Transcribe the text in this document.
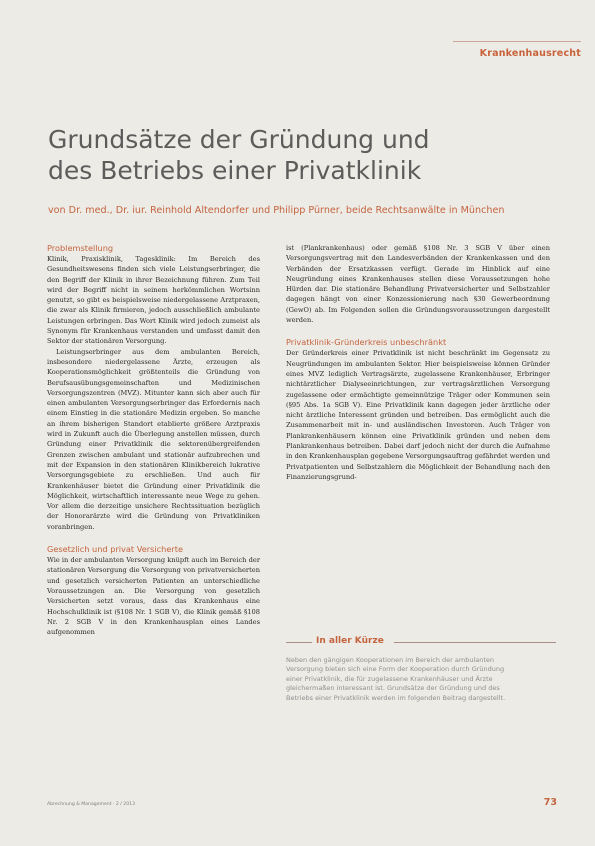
Krankenhausrecht
Grundsätze der Gründung und
des Betriebs einer Privatklinik

von Dr. med., Dr. iur. Reinhold Altendorfer und Philipp Pürner, beide Rechtsanwälte in München

Problemstellung

Klinik, Praxisklinik, Tagesklinik: Im Bereich des Gesundheitswesens finden sich viele Leistungserbringer, die den Begriff der Klinik in ihrer Bezeichnung führen. Zum Teil wird der Begriff nicht in seinem herkömmlichen Wortsinn genutzt, so gibt es beispielsweise niedergelassene Arztpraxen, die zwar als Klinik firmieren, jedoch ausschließlich ambulante Leistungen erbringen. Das Wort Klinik wird jedoch zumeist als Synonym für Krankenhaus verstanden und umfasst damit den Sektor der stationären Versorgung.

Leistungserbringer aus dem ambulanten Bereich, insbesondere niedergelassene Ärzte, erzeugen als Kooperationsmöglichkeit größtenteils die Gründung von Berufsausübungsgemeinschaften und Medizinischen Versorgungszentren (MVZ). Mitunter kann sich aber auch für einen ambulanten Versorgungserbringer das Erfordernis nach einem Einstieg in die stationäre Medizin ergeben. So manche an ihrem bisherigen Standort etablierte größere Arztpraxis wird in Zukunft auch die Überlegung anstellen müssen, durch Gründung einer Privatklinik die sektorenübergreifenden Grenzen zwischen ambulant und stationär aufzubrechen und mit der Expansion in den stationären Klinikbereich lukrative Versorgungsgebiete zu erschließen. Und auch für Krankenhäuser bietet die Gründung einer Privatklinik die Möglichkeit, wirtschaftlich interessante neue Wege zu gehen. Vor allem die derzeitige unsichere Rechtssituation bezüglich der Honorarärzte wird die Gründung von Privatkliniken voranbringen.

Gesetzlich und privat Versicherte

Wie in der ambulanten Versorgung knüpft auch im Bereich der stationären Versorgung die Versorgung von privatversicherten und gesetzlich versicherten Patienten an unterschiedliche Voraussetzungen an. Die Versorgung von gesetzlich Versicherten setzt voraus, dass das Krankenhaus eine Hochschulklinik ist (§108 Nr. 1 SGB V), die Klinik gemäß §108 Nr. 2 SGB V in den Krankenhausplan eines Landes aufgenommen

ist (Plankrankenhaus) oder gemäß §108 Nr. 3 SGB V über einen Versorgungsvertrag mit den Landesverbänden der Krankenkassen und den Verbänden der Ersatzkassen verfügt. Gerade im Hinblick auf eine Neugründung eines Krankenhauses stellen diese Voraussetzungen hohe Hürden dar. Die stationäre Behandlung Privatversicherter und Selbstzahler dagegen hängt von einer Konzessionierung nach §30 Gewerbeordnung (GewO) ab. Im Folgenden sollen die Gründungsvoraussetzungen dargestellt werden.

Privatklinik-Gründerkreis unbeschränkt

Der Gründerkreis einer Privatklinik ist nicht beschränkt im Gegensatz zu Neugründungen im ambulanten Sektor. Hier beispielsweise können Gründer eines MVZ lediglich Vertragsärzte, zugelassene Krankenhäuser, Erbringer nichtärztlicher Dialyseeinrichtungen, zur vertragsärztlichen Versorgung zugelassene oder ermächtigte gemeinnützige Träger oder Kommunen sein (§95 Abs. 1a SGB V). Eine Privatklinik kann dagegen jeder ärztliche oder nicht ärztliche Interessent gründen und betreiben. Das ermöglicht auch die Zusammenarbeit mit in- und ausländischen Investoren. Auch Träger von Plankrankenhäusern können eine Privatklinik gründen und neben dem Plankrankenhaus betreiben. Dabei darf jedoch nicht der durch die Aufnahme in den Krankenhausplan gegebene Versorgungsauftrag gefährdet werden und Privatpatienten und Selbstzahlern die Möglichkeit der Behandlung nach den Finanzierungsgrund-

In aller Kürze

Neben den gängigen Kooperationen im Bereich der ambulanten Versorgung bieten sich eine Form der Kooperation durch Gründung einer Privatklinik, die für zugelassene Krankenhäuser und Ärzte gleichermaßen interessant ist. Grundsätze der Gründung und des Betriebs einer Privatklinik werden im folgenden Beitrag dargestellt.

Abrechnung & Management · 2 / 2013	73
